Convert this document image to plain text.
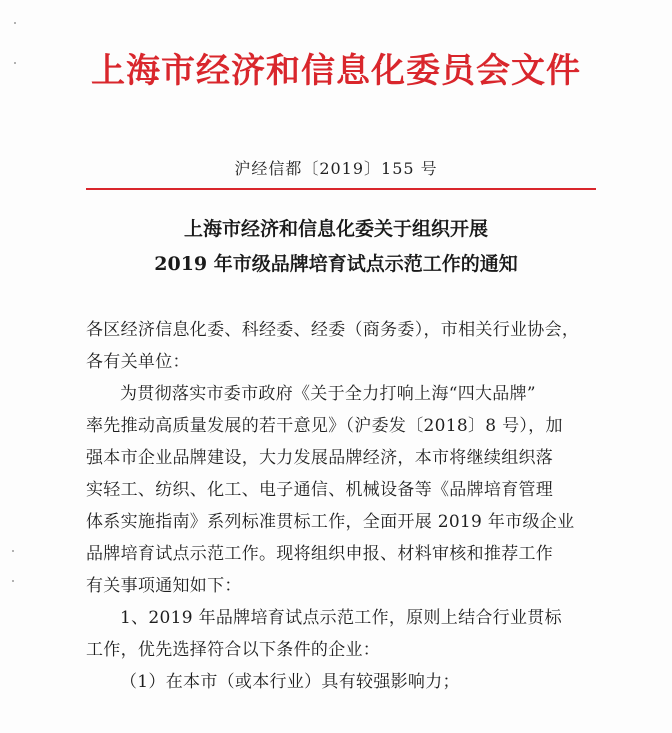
上海市经济和信息化委员会文件
沪经信都〔2019〕155 号
上海市经济和信息化委关于组织开展
2019 年市级品牌培育试点示范工作的通知
各区经济信息化委、科经委、经委（商务委），市相关行业协会，
各有关单位：
为贯彻落实市委市政府《关于全力打响上海“四大品牌”
率先推动高质量发展的若干意见》（沪委发〔2018〕8 号），加
强本市企业品牌建设，大力发展品牌经济，本市将继续组织落
实轻工、纺织、化工、电子通信、机械设备等《品牌培育管理
体系实施指南》系列标准贯标工作，全面开展 2019 年市级企业
品牌培育试点示范工作。现将组织申报、材料审核和推荐工作
有关事项通知如下：
1、2019 年品牌培育试点示范工作，原则上结合行业贯标
工作，优先选择符合以下条件的企业：
（1）在本市（或本行业）具有较强影响力；
